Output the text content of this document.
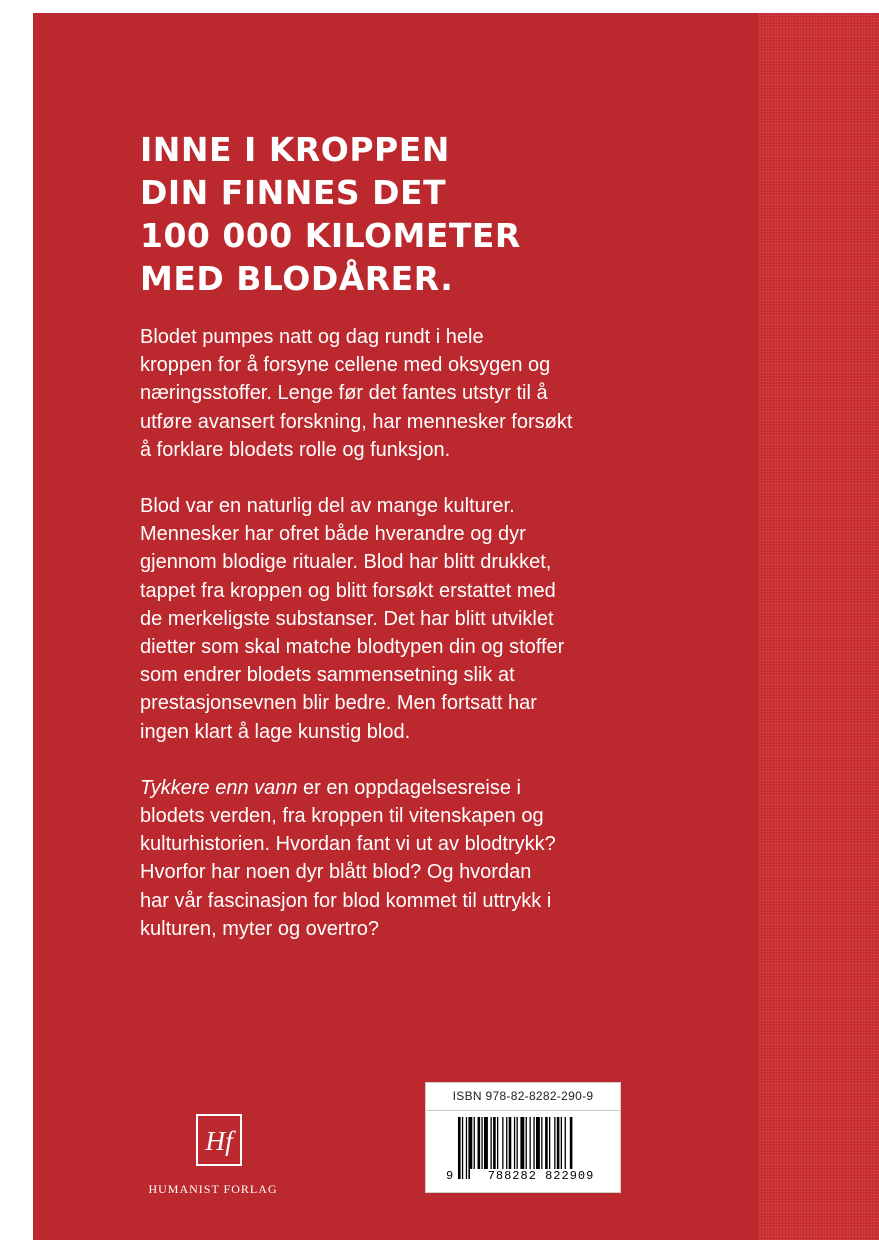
INNE I KROPPEN
DIN FINNES DET
100 000 KILOMETER
MED BLODÅRER.

Blodet pumpes natt og dag rundt i hele
kroppen for å forsyne cellene med oksygen og
næringsstoffer. Lenge før det fantes utstyr til å
utføre avansert forskning, har mennesker forsøkt
å forklare blodets rolle og funksjon.

Blod var en naturlig del av mange kulturer.
Mennesker har ofret både hverandre og dyr
gjennom blodige ritualer. Blod har blitt drukket,
tappet fra kroppen og blitt forsøkt erstattet med
de merkeligste substanser. Det har blitt utviklet
dietter som skal matche blodtypen din og stoffer
som endrer blodets sammensetning slik at
prestasjonsevnen blir bedre. Men fortsatt har
ingen klart å lage kunstig blod.

Tykkere enn vann er en oppdagelsesreise i
blodets verden, fra kroppen til vitenskapen og
kulturhistorien. Hvordan fant vi ut av blodtrykk?
Hvorfor har noen dyr blått blod? Og hvordan
har vår fascinasjon for blod kommet til uttrykk i
kulturen, myter og overtro?

Hf
HUMANIST FORLAG
ISBN 978-82-8282-290-9
9	788282 822909
